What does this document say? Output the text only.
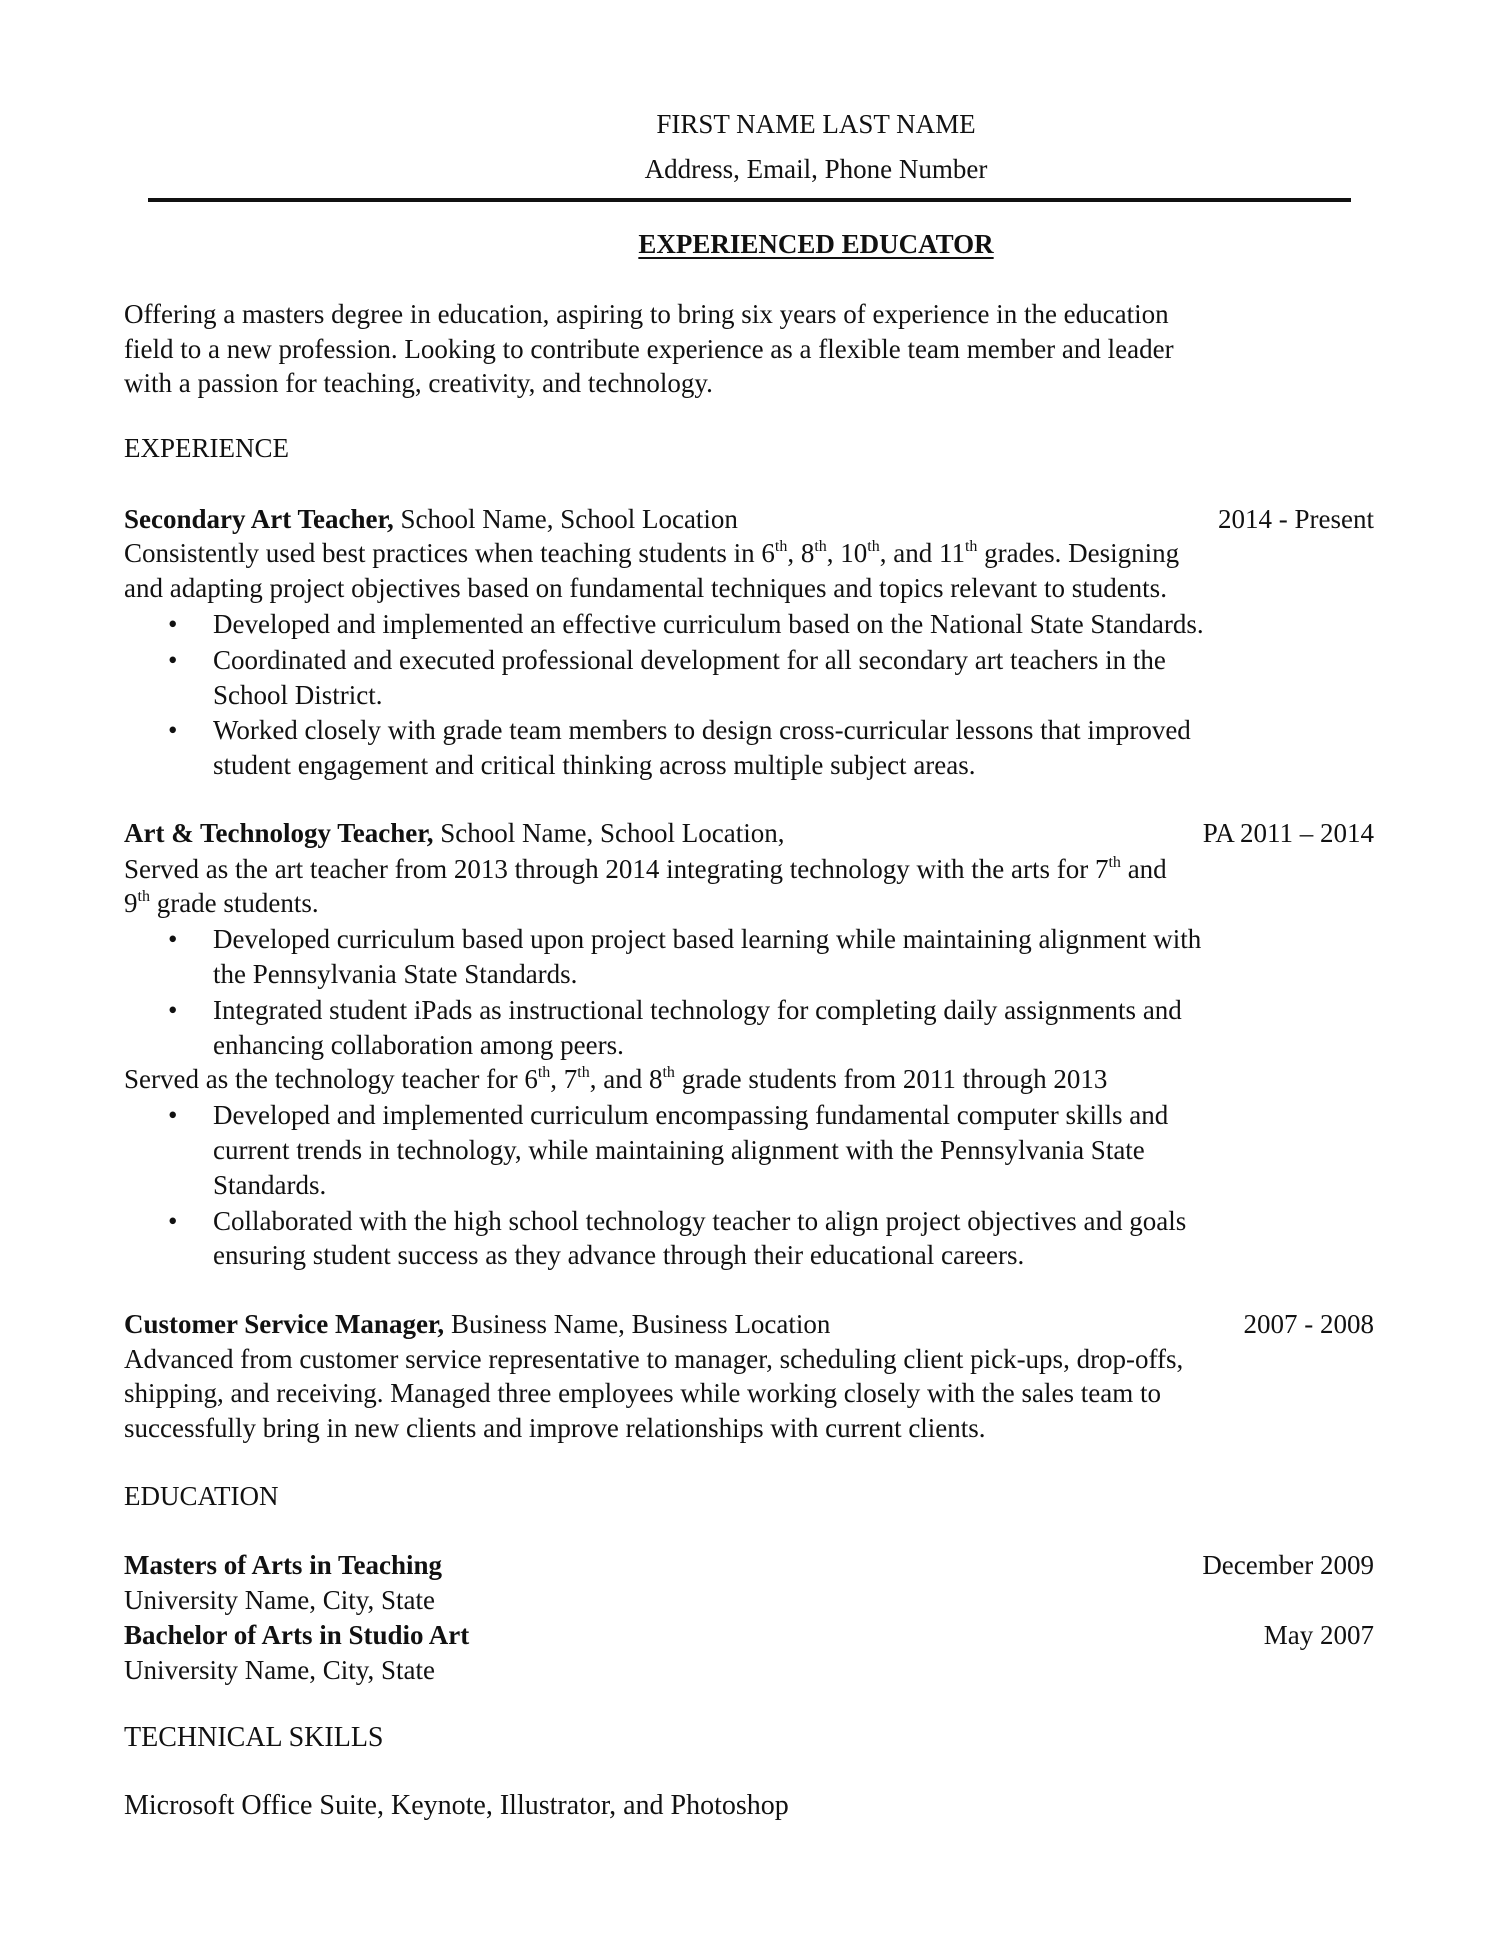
FIRST NAME LAST NAME
Address, Email, Phone Number
EXPERIENCED EDUCATOR
Offering a masters degree in education, aspiring to bring six years of experience in the education
field to a new profession. Looking to contribute experience as a flexible team member and leader
with a passion for teaching, creativity, and technology.
EXPERIENCE
Secondary Art Teacher, School Name, School Location	2014 - Present
Consistently used best practices when teaching students in 6th, 8th, 10th, and 11th grades. Designing
and adapting project objectives based on fundamental techniques and topics relevant to students.
• Developed and implemented an effective curriculum based on the National State Standards.
• Coordinated and executed professional development for all secondary art teachers in the
School District.
• Worked closely with grade team members to design cross-curricular lessons that improved
student engagement and critical thinking across multiple subject areas.
Art & Technology Teacher, School Name, School Location,	PA 2011 – 2014
Served as the art teacher from 2013 through 2014 integrating technology with the arts for 7th and
9th grade students.
• Developed curriculum based upon project based learning while maintaining alignment with
the Pennsylvania State Standards.
• Integrated student iPads as instructional technology for completing daily assignments and
enhancing collaboration among peers.
Served as the technology teacher for 6th, 7th, and 8th grade students from 2011 through 2013
• Developed and implemented curriculum encompassing fundamental computer skills and
current trends in technology, while maintaining alignment with the Pennsylvania State
Standards.
• Collaborated with the high school technology teacher to align project objectives and goals
ensuring student success as they advance through their educational careers.
Customer Service Manager, Business Name, Business Location	2007 - 2008
Advanced from customer service representative to manager, scheduling client pick-ups, drop-offs,
shipping, and receiving. Managed three employees while working closely with the sales team to
successfully bring in new clients and improve relationships with current clients.
EDUCATION
Masters of Arts in Teaching	December 2009
University Name, City, State
Bachelor of Arts in Studio Art	May 2007
University Name, City, State
TECHNICAL SKILLS
Microsoft Office Suite, Keynote, Illustrator, and Photoshop
